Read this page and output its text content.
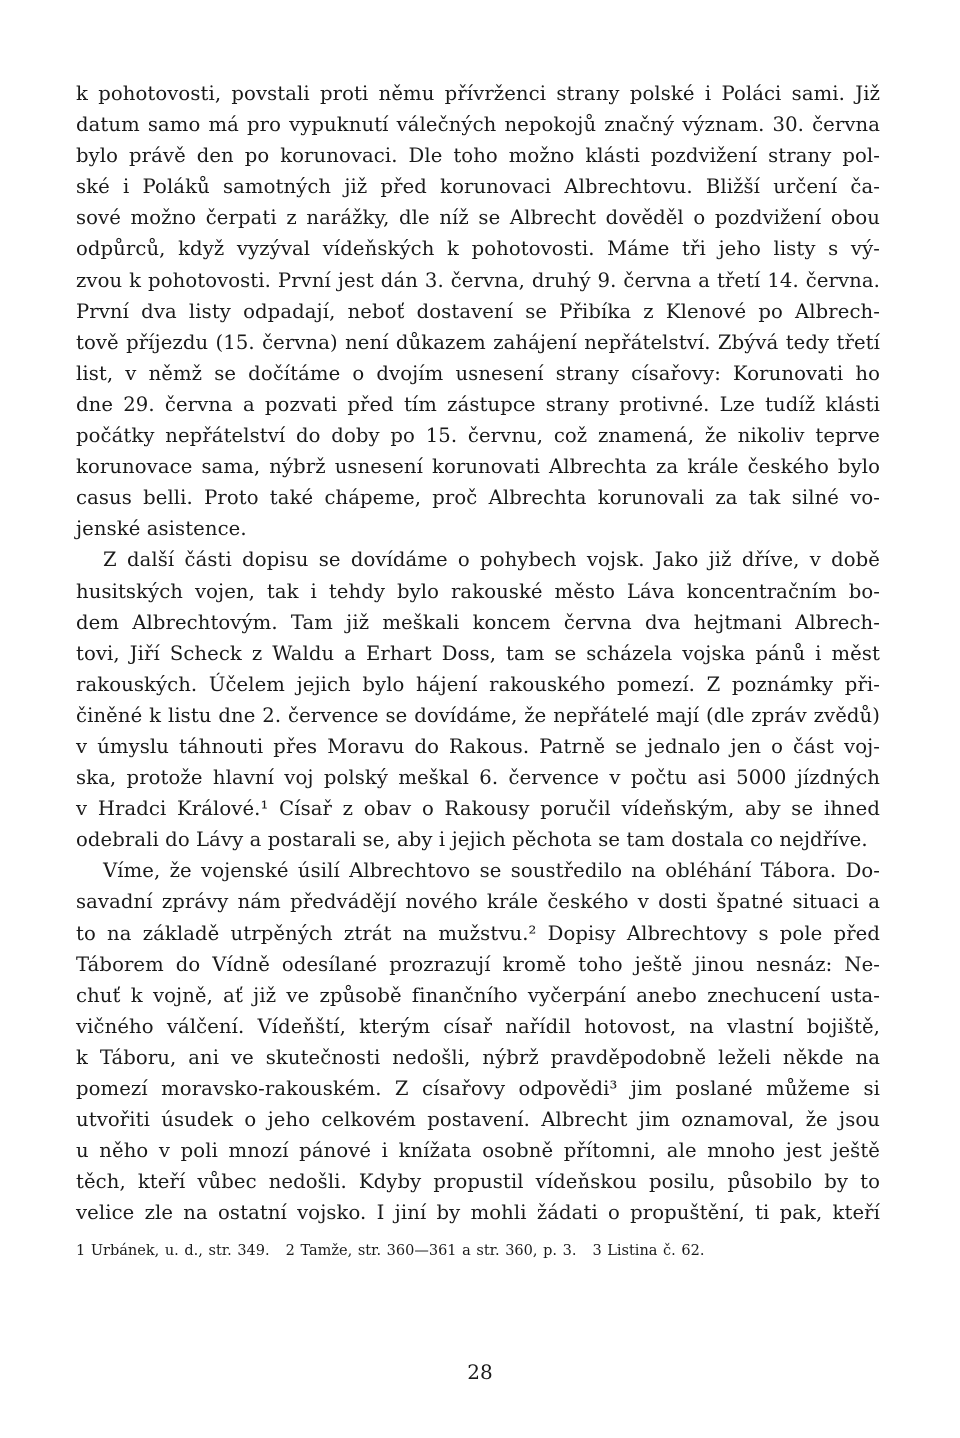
k pohotovosti, povstali proti němu přívrženci strany polské i Poláci sami. Již
datum samo má pro vypuknutí válečných nepokojů značný význam. 30. června
bylo právě den po korunovaci. Dle toho možno klásti pozdvižení strany pol-
ské i Poláků samotných již před korunovaci Albrechtovu. Bližší určení ča-
sové možno čerpati z narážky, dle níž se Albrecht dověděl o pozdvižení obou
odpůrců, když vyzýval vídeňských k pohotovosti. Máme tři jeho listy s vý-
zvou k pohotovosti. První jest dán 3. června, druhý 9. června a třetí 14. června.
První dva listy odpadají, neboť dostavení se Přibíka z Klenové po Albrech-
tově příjezdu (15. června) není důkazem zahájení nepřátelství. Zbývá tedy třetí
list, v němž se dočítáme o dvojím usnesení strany císařovy: Korunovati ho
dne 29. června a pozvati před tím zástupce strany protivné. Lze tudíž klásti
počátky nepřátelství do doby po 15. červnu, což znamená, že nikoliv teprve
korunovace sama, nýbrž usnesení korunovati Albrechta za krále českého bylo
casus belli. Proto také chápeme, proč Albrechta korunovali za tak silné vo-
jenské asistence.
Z další části dopisu se dovídáme o pohybech vojsk. Jako již dříve, v době
husitských vojen, tak i tehdy bylo rakouské město Láva koncentračním bo-
dem Albrechtovým. Tam již meškali koncem června dva hejtmani Albrech-
tovi, Jiří Scheck z Waldu a Erhart Doss, tam se scházela vojska pánů i měst
rakouských. Účelem jejich bylo hájení rakouského pomezí. Z poznámky při-
činěné k listu dne 2. července se dovídáme, že nepřátelé mají (dle zpráv zvědů)
v úmyslu táhnouti přes Moravu do Rakous. Patrně se jednalo jen o část voj-
ska, protože hlavní voj polský meškal 6. července v počtu asi 5000 jízdných
v Hradci Králové.¹ Císař z obav o Rakousy poručil vídeňským, aby se ihned
odebrali do Lávy a postarali se, aby i jejich pěchota se tam dostala co nejdříve.
Víme, že vojenské úsilí Albrechtovo se soustředilo na obléhání Tábora. Do-
savadní zprávy nám předvádějí nového krále českého v dosti špatné situaci a
to na základě utrpěných ztrát na mužstvu.² Dopisy Albrechtovy s pole před
Táborem do Vídně odesílané prozrazují kromě toho ještě jinou nesnáz: Ne-
chuť k vojně, ať již ve způsobě finančního vyčerpání anebo znechucení usta-
vičného válčení. Vídeňští, kterým císař nařídil hotovost, na vlastní bojiště,
k Táboru, ani ve skutečnosti nedošli, nýbrž pravděpodobně leželi někde na
pomezí moravsko-rakouském. Z císařovy odpovědi³ jim poslané můžeme si
utvořiti úsudek o jeho celkovém postavení. Albrecht jim oznamoval, že jsou
u něho v poli mnozí pánové i knížata osobně přítomni, ale mnoho jest ještě
těch, kteří vůbec nedošli. Kdyby propustil vídeňskou posilu, působilo by to
velice zle na ostatní vojsko. I jiní by mohli žádati o propuštění, ti pak, kteří
1 Urbánek, u. d., str. 349. 2 Tamže, str. 360—361 a str. 360, p. 3. 3 Listina č. 62.
28
